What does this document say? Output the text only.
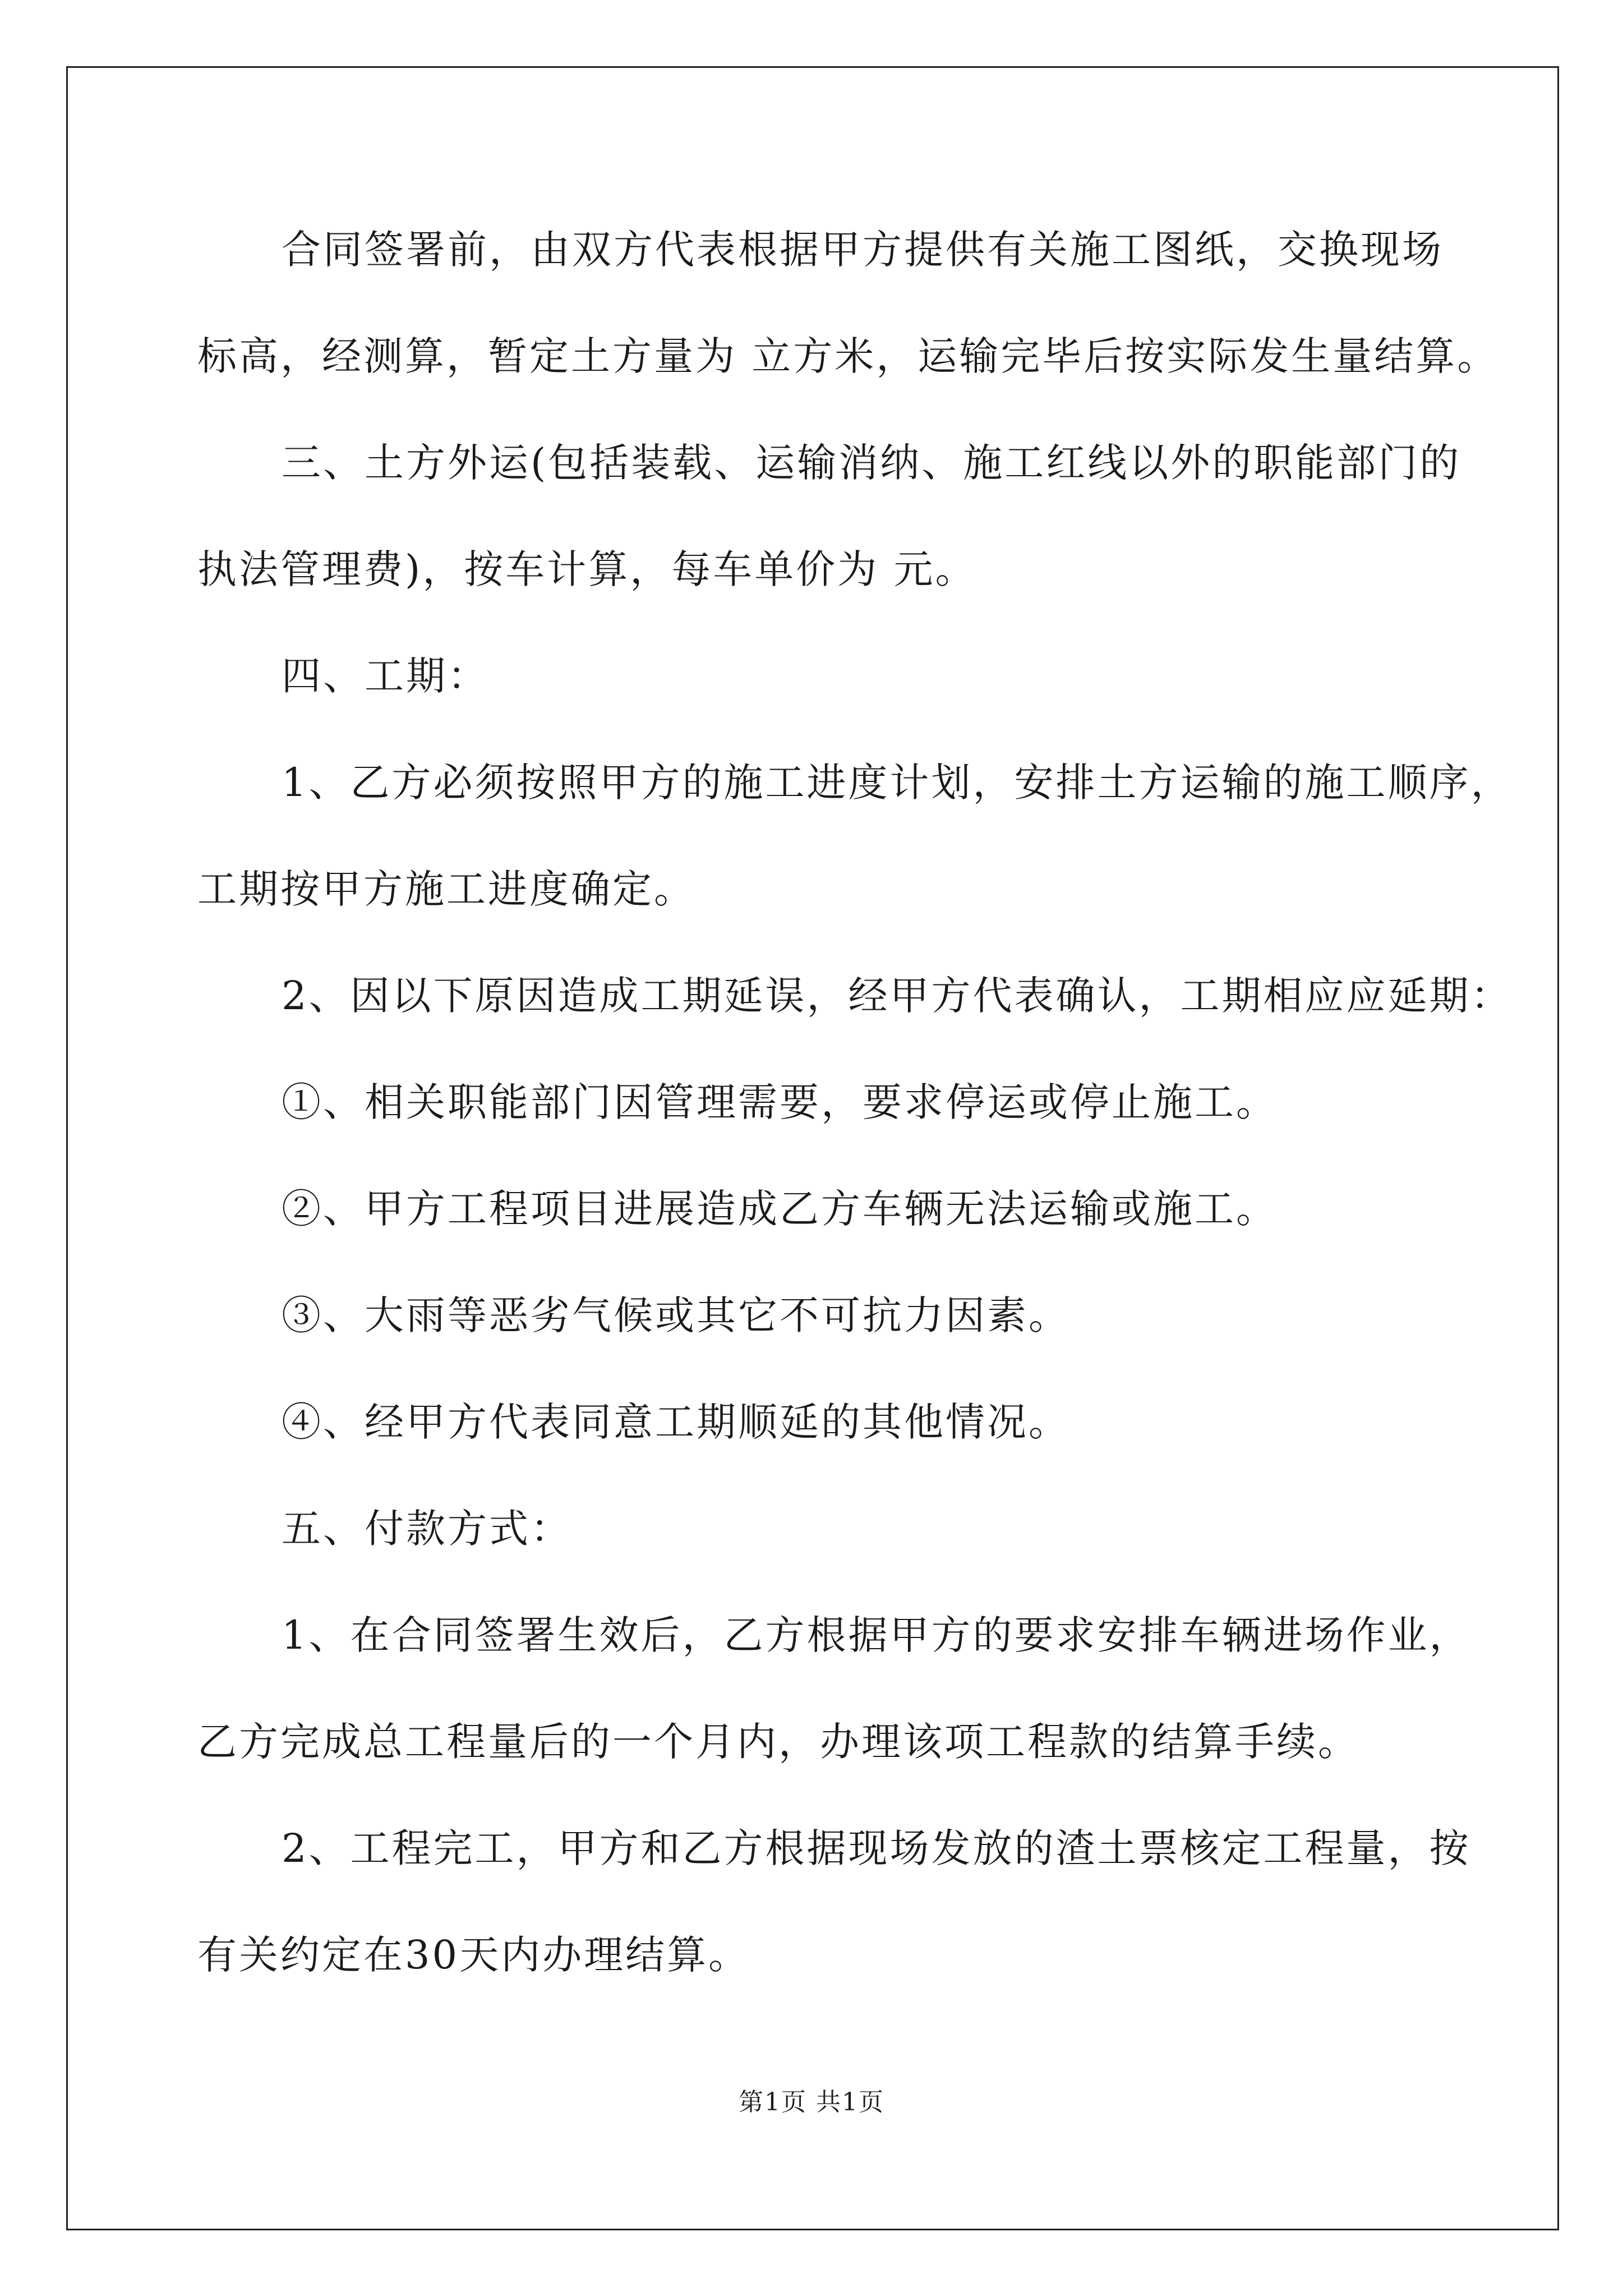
合同签署前，由双方代表根据甲方提供有关施工图纸，交换现场
标高，经测算，暂定土方量为 立方米，运输完毕后按实际发生量结算。
三、土方外运(包括装载、运输消纳、施工红线以外的职能部门的
执法管理费)，按车计算，每车单价为 元。
四、工期：
1、乙方必须按照甲方的施工进度计划，安排土方运输的施工顺序，
工期按甲方施工进度确定。
2、因以下原因造成工期延误，经甲方代表确认，工期相应应延期：
①、相关职能部门因管理需要，要求停运或停止施工。
②、甲方工程项目进展造成乙方车辆无法运输或施工。
③、大雨等恶劣气候或其它不可抗力因素。
④、经甲方代表同意工期顺延的其他情况。
五、付款方式：
1、在合同签署生效后，乙方根据甲方的要求安排车辆进场作业，
乙方完成总工程量后的一个月内，办理该项工程款的结算手续。
2、工程完工，甲方和乙方根据现场发放的渣土票核定工程量，按
有关约定在30天内办理结算。
第1页 共1页
